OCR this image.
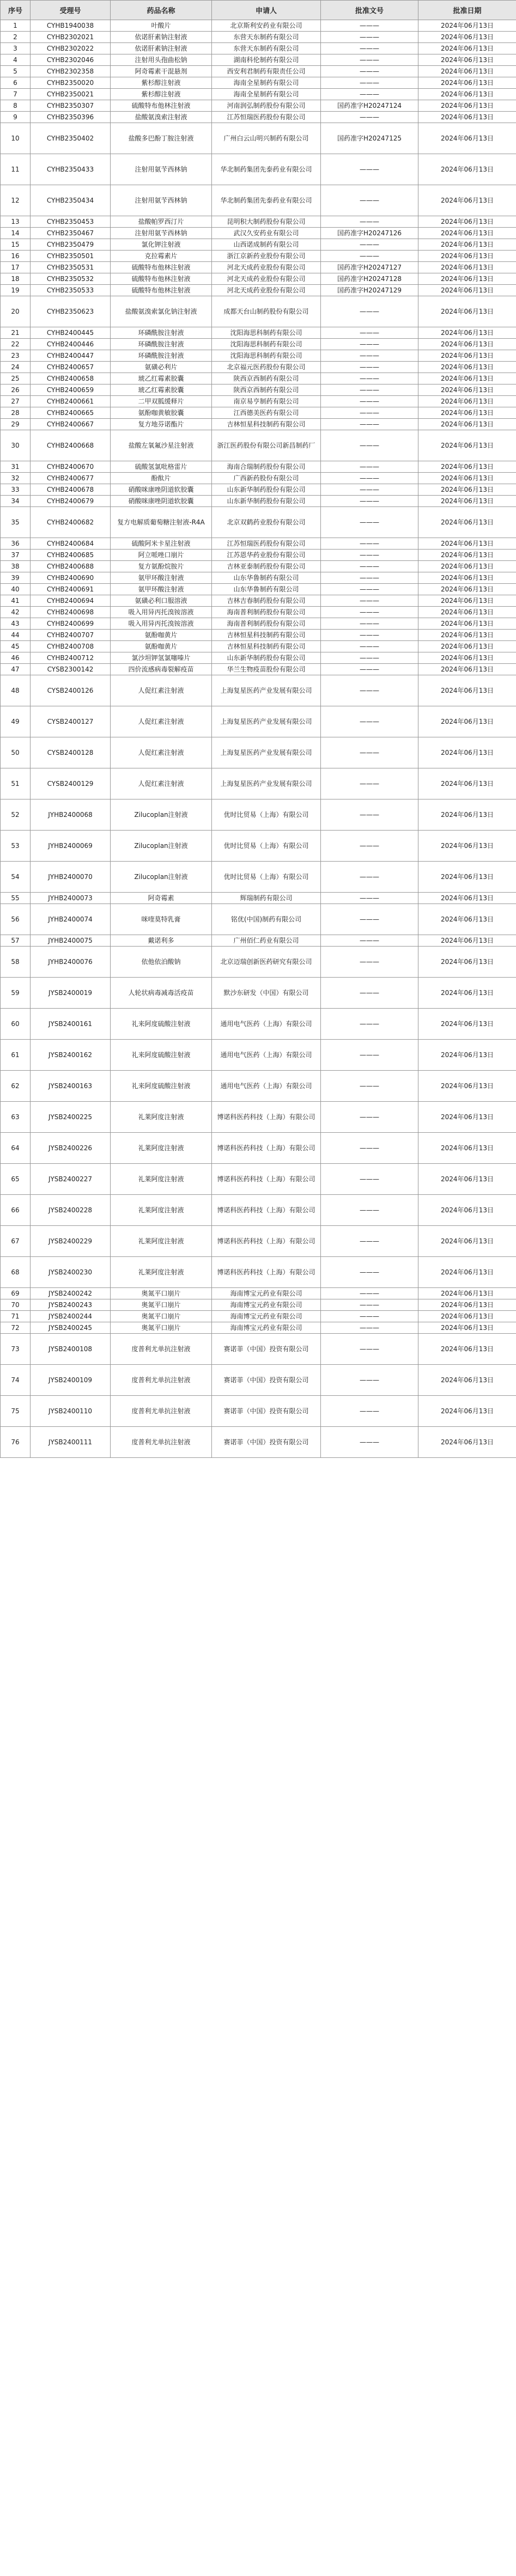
序号	受理号	药品名称	申请人	批准文号	批准日期
1	CYHB1940038	叶酸片	北京斯利安药业有限公司	———	2024年06月13日
2	CYHB2302021	依诺肝素钠注射液	东营天东制药有限公司	———	2024年06月13日
3	CYHB2302022	依诺肝素钠注射液	东营天东制药有限公司	———	2024年06月13日
4	CYHB2302046	注射用头孢曲松钠	湖南科伦制药有限公司	———	2024年06月13日
5	CYHB2302358	阿奇霉素干混悬剂	西安利君制药有限责任公司	———	2024年06月13日
6	CYHB2350020	紫杉醇注射液	海南全星制药有限公司	———	2024年06月13日
7	CYHB2350021	紫杉醇注射液	海南全星制药有限公司	———	2024年06月13日
8	CYHB2350307	硫酸特布他林注射液	河南润弘制药股份有限公司	国药准字H20247124	2024年06月13日
9	CYHB2350396	盐酸氨溴索注射液	江苏恒瑞医药股份有限公司	———	2024年06月13日
10	CYHB2350402	盐酸多巴酚丁胺注射液	广州白云山明兴制药有限公司	国药准字H20247125	2024年06月13日
11	CYHB2350433	注射用氨苄西林钠	华北制药集团先泰药业有限公司	———	2024年06月13日
12	CYHB2350434	注射用氨苄西林钠	华北制药集团先泰药业有限公司	———	2024年06月13日
13	CYHB2350453	盐酸帕罗西汀片	昆明积大制药股份有限公司	———	2024年06月13日
14	CYHB2350467	注射用氨苄西林钠	武汉久安药业有限公司	国药准字H20247126	2024年06月13日
15	CYHB2350479	氯化钾注射液	山西诺成制药有限公司	———	2024年06月13日
16	CYHB2350501	克拉霉素片	浙江京新药业股份有限公司	———	2024年06月13日
17	CYHB2350531	硫酸特布他林注射液	河北天成药业股份有限公司	国药准字H20247127	2024年06月13日
18	CYHB2350532	硫酸特布他林注射液	河北天成药业股份有限公司	国药准字H20247128	2024年06月13日
19	CYHB2350533	硫酸特布他林注射液	河北天成药业股份有限公司	国药准字H20247129	2024年06月13日
20	CYHB2350623	盐酸氨溴索氯化钠注射液	成都天台山制药股份有限公司	———	2024年06月13日
21	CYHB2400445	环磷酰胺注射液	沈阳海思科制药有限公司	———	2024年06月13日
22	CYHB2400446	环磷酰胺注射液	沈阳海思科制药有限公司	———	2024年06月13日
23	CYHB2400447	环磷酰胺注射液	沈阳海思科制药有限公司	———	2024年06月13日
24	CYHB2400657	氨磺必利片	北京福元医药股份有限公司	———	2024年06月13日
25	CYHB2400658	琥乙红霉素胶囊	陕西京西制药有限公司	———	2024年06月13日
26	CYHB2400659	琥乙红霉素胶囊	陕西京西制药有限公司	———	2024年06月13日
27	CYHB2400661	二甲双胍缓释片	南京易亨制药有限公司	———	2024年06月13日
28	CYHB2400665	氨酚咖黄敏胶囊	江西德美医药有限公司	———	2024年06月13日
29	CYHB2400667	复方地芬诺酯片	吉林恒星科技制药有限公司	———	2024年06月13日
30	CYHB2400668	盐酸左氧氟沙星注射液	浙江医药股份有限公司新昌制药厂	———	2024年06月13日
31	CYHB2400670	硫酸氢氯吡格雷片	海南合瑞制药股份有限公司	———	2024年06月13日
32	CYHB2400677	酚酞片	广西新药股份有限公司	———	2024年06月13日
33	CYHB2400678	硝酸咪康唑阴道软胶囊	山东新华制药股份有限公司	———	2024年06月13日
34	CYHB2400679	硝酸咪康唑阴道软胶囊	山东新华制药股份有限公司	———	2024年06月13日
35	CYHB2400682	复方电解质葡萄糖注射液-R4A	北京双鹤药业股份有限公司	———	2024年06月13日
36	CYHB2400684	硫酸阿米卡星注射液	江苏恒瑞医药股份有限公司	———	2024年06月13日
37	CYHB2400685	阿立哌唑口崩片	江苏恩华药业股份有限公司	———	2024年06月13日
38	CYHB2400688	复方氨酚烷胺片	吉林亚泰制药股份有限公司	———	2024年06月13日
39	CYHB2400690	氨甲环酸注射液	山东华鲁制药有限公司	———	2024年06月13日
40	CYHB2400691	氨甲环酸注射液	山东华鲁制药有限公司	———	2024年06月13日
41	CYHB2400694	氨磺必利口服溶液	吉林吉春制药股份有限公司	———	2024年06月13日
42	CYHB2400698	吸入用异丙托溴铵溶液	海南普利制药股份有限公司	———	2024年06月13日
43	CYHB2400699	吸入用异丙托溴铵溶液	海南普利制药股份有限公司	———	2024年06月13日
44	CYHB2400707	氨酚咖黄片	吉林恒星科技制药有限公司	———	2024年06月13日
45	CYHB2400708	氨酚咖黄片	吉林恒星科技制药有限公司	———	2024年06月13日
46	CYHB2400712	氯沙坦钾氢氯噻嗪片	山东新华制药股份有限公司	———	2024年06月13日
47	CYSB2300142	四价流感病毒裂解疫苗	华兰生物疫苗股份有限公司	———	2024年06月13日
48	CYSB2400126	人促红素注射液	上海复星医药产业发展有限公司	———	2024年06月13日
49	CYSB2400127	人促红素注射液	上海复星医药产业发展有限公司	———	2024年06月13日
50	CYSB2400128	人促红素注射液	上海复星医药产业发展有限公司	———	2024年06月13日
51	CYSB2400129	人促红素注射液	上海复星医药产业发展有限公司	———	2024年06月13日
52	JYHB2400068	Zilucoplan注射液	优时比贸易（上海）有限公司	———	2024年06月13日
53	JYHB2400069	Zilucoplan注射液	优时比贸易（上海）有限公司	———	2024年06月13日
54	JYHB2400070	Zilucoplan注射液	优时比贸易（上海）有限公司	———	2024年06月13日
55	JYHB2400073	阿奇霉素	辉瑞制药有限公司	———	2024年06月13日
56	JYHB2400074	咪喹莫特乳膏	铭优(中国)制药有限公司	———	2024年06月13日
57	JYHB2400075	戴诺利多	广州佰仁药业有限公司	———	2024年06月13日
58	JYHB2400076	依他依泊酸钠	北京迈瑞创新医药研究有限公司	———	2024年06月13日
59	JYSB2400019	人轮状病毒减毒活疫苗	默沙东研发（中国）有限公司	———	2024年06月13日
60	JYSB2400161	礼来阿度硫酸注射液	通用电气医药（上海）有限公司	———	2024年06月13日
61	JYSB2400162	礼来阿度硫酸注射液	通用电气医药（上海）有限公司	———	2024年06月13日
62	JYSB2400163	礼来阿度硫酸注射液	通用电气医药（上海）有限公司	———	2024年06月13日
63	JYSB2400225	礼莱阿度注射液	博诺科医药科技（上海）有限公司	———	2024年06月13日
64	JYSB2400226	礼莱阿度注射液	博诺科医药科技（上海）有限公司	———	2024年06月13日
65	JYSB2400227	礼莱阿度注射液	博诺科医药科技（上海）有限公司	———	2024年06月13日
66	JYSB2400228	礼莱阿度注射液	博诺科医药科技（上海）有限公司	———	2024年06月13日
67	JYSB2400229	礼莱阿度注射液	博诺科医药科技（上海）有限公司	———	2024年06月13日
68	JYSB2400230	礼莱阿度注射液	博诺科医药科技（上海）有限公司	———	2024年06月13日
69	JYSB2400242	奥氮平口崩片	海南博宝元药业有限公司	———	2024年06月13日
70	JYSB2400243	奥氮平口崩片	海南博宝元药业有限公司	———	2024年06月13日
71	JYSB2400244	奥氮平口崩片	海南博宝元药业有限公司	———	2024年06月13日
72	JYSB2400245	奥氮平口崩片	海南博宝元药业有限公司	———	2024年06月13日
73	JYSB2400108	度普利尤单抗注射液	赛诺菲（中国）投资有限公司	———	2024年06月13日
74	JYSB2400109	度普利尤单抗注射液	赛诺菲（中国）投资有限公司	———	2024年06月13日
75	JYSB2400110	度普利尤单抗注射液	赛诺菲（中国）投资有限公司	———	2024年06月13日
76	JYSB2400111	度普利尤单抗注射液	赛诺菲（中国）投资有限公司	———	2024年06月13日
